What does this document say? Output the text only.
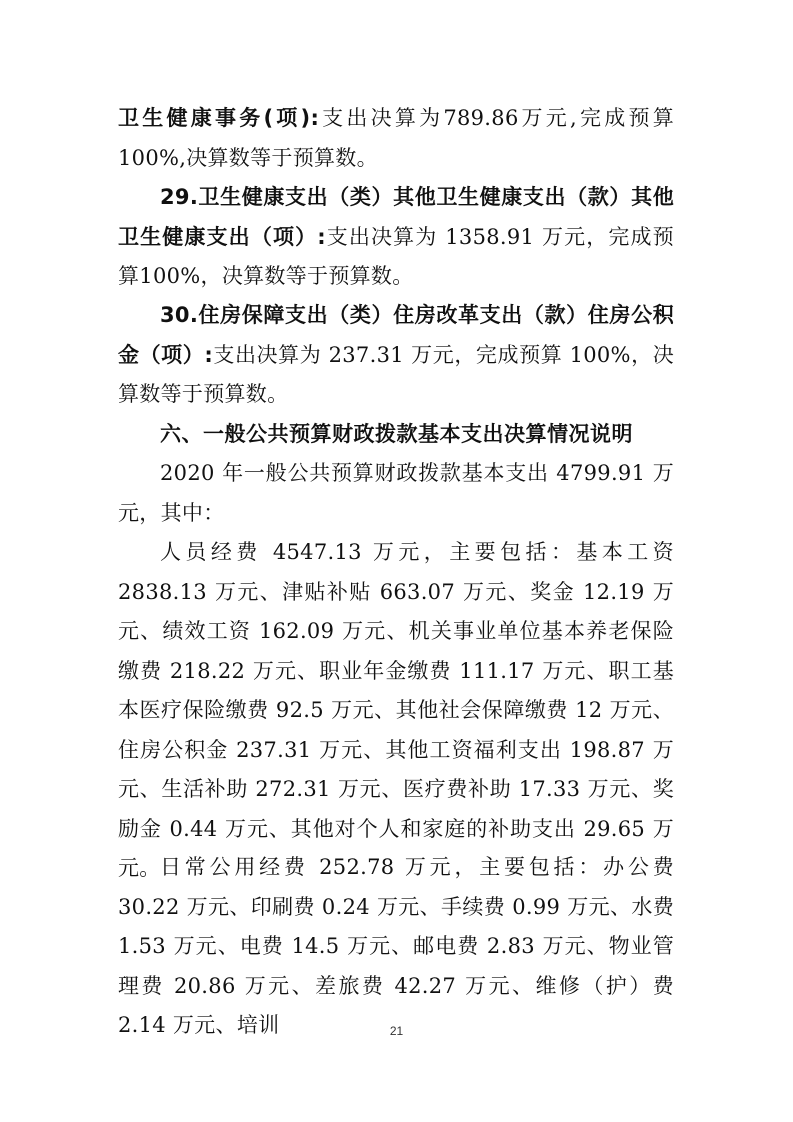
卫生健康事务(项):支出决算为789.86万元,完成预算100%,决算数等于预算数。

29.卫生健康支出（类）其他卫生健康支出（款）其他卫生健康支出（项）:支出决算为 1358.91 万元，完成预算100%，决算数等于预算数。

30.住房保障支出（类）住房改革支出（款）住房公积金（项）:支出决算为 237.31 万元，完成预算 100%，决算数等于预算数。

六、一般公共预算财政拨款基本支出决算情况说明

2020 年一般公共预算财政拨款基本支出 4799.91 万元，其中：

人员经费 4547.13 万元，主要包括：基本工资 2838.13 万元、津贴补贴 663.07 万元、奖金 12.19 万元、绩效工资 162.09 万元、机关事业单位基本养老保险缴费 218.22 万元、职业年金缴费 111.17 万元、职工基本医疗保险缴费 92.5 万元、其他社会保障缴费 12 万元、住房公积金 237.31 万元、其他工资福利支出 198.87 万元、生活补助 272.31 万元、医疗费补助 17.33 万元、奖励金 0.44 万元、其他对个人和家庭的补助支出 29.65 万元。 日常公用经费 252.78 万元，主要包括：办公费 30.22 万元、印刷费 0.24 万元、手续费 0.99 万元、水费 1.53 万元、电费 14.5 万元、邮电费 2.83 万元、物业管理费 20.86 万元、差旅费 42.27 万元、维修（护）费 2.14 万元、培训	21
